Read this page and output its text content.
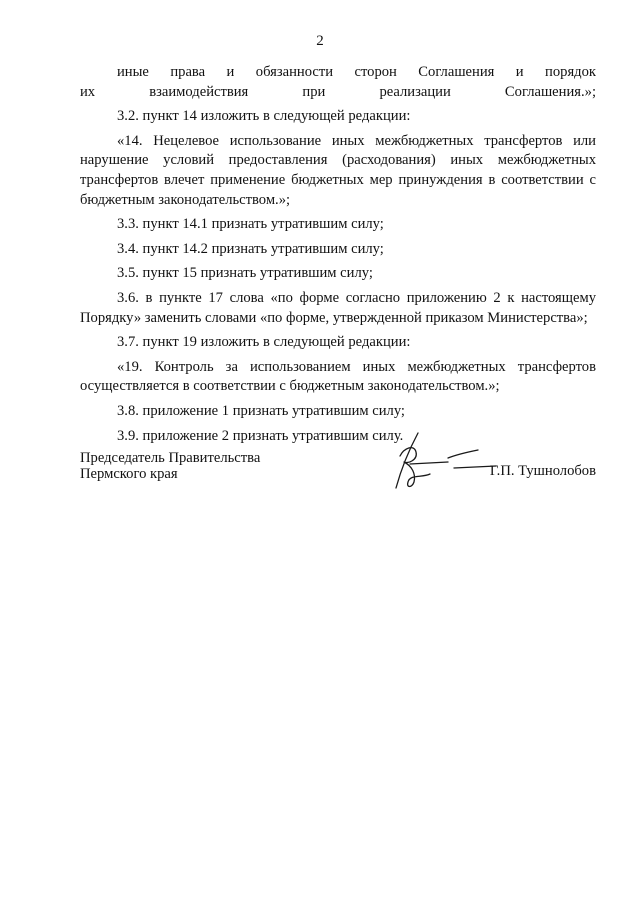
2

иные права и обязанности сторон Соглашения и порядок
их взаимодействия при реализации Соглашения.»;

3.2. пункт 14 изложить в следующей редакции:

«14. Нецелевое использование иных межбюджетных трансфертов или нарушение условий предоставления (расходования) иных межбюджетных трансфертов влечет применение бюджетных мер принуждения в соответствии с бюджетным законодательством.»;

3.3. пункт 14.1 признать утратившим силу;

3.4. пункт 14.2 признать утратившим силу;

3.5. пункт 15 признать утратившим силу;

3.6. в пункте 17 слова «по форме согласно приложению 2 к настоящему Порядку» заменить словами «по форме, утвержденной приказом Министерства»;

3.7. пункт 19 изложить в следующей редакции:

«19. Контроль за использованием иных межбюджетных трансфертов осуществляется в соответствии с бюджетным законодательством.»;

3.8. приложение 1 признать утратившим силу;

3.9. приложение 2 признать утратившим силу.

Председатель Правительства
Пермского края	Г.П. Тушнолобов
